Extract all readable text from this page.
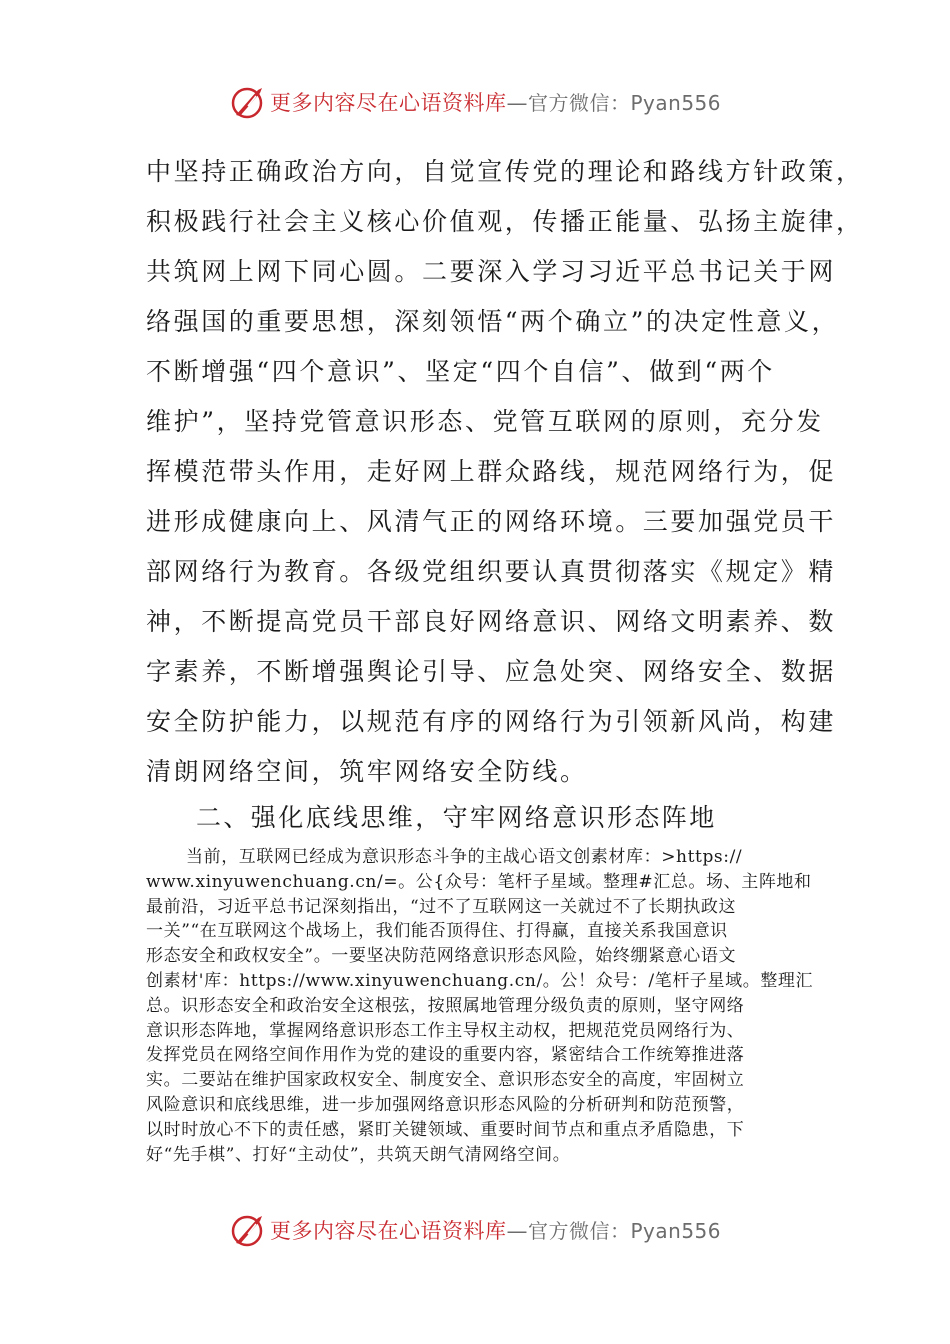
更多内容尽在心语资料库—官方微信：Pyan556
中坚持正确政治方向，自觉宣传党的理论和路线方针政策，
积极践行社会主义核心价值观，传播正能量、弘扬主旋律，
共筑网上网下同心圆。二要深入学习习近平总书记关于网
络强国的重要思想，深刻领悟“两个确立”的决定性意义，
不断增强“四个意识”、坚定“四个自信”、做到“两个
维护”，坚持党管意识形态、党管互联网的原则，充分发
挥模范带头作用，走好网上群众路线，规范网络行为，促
进形成健康向上、风清气正的网络环境。三要加强党员干
部网络行为教育。各级党组织要认真贯彻落实《规定》精
神，不断提高党员干部良好网络意识、网络文明素养、数
字素养，不断增强舆论引导、应急处突、网络安全、数据
安全防护能力，以规范有序的网络行为引领新风尚，构建
清朗网络空间，筑牢网络安全防线。
二、强化底线思维，守牢网络意识形态阵地
当前，互联网已经成为意识形态斗争的主战心语文创素材库：>https://
www.xinyuwenchuang.cn/=。公{众号：笔杆子星域。整理#汇总。场、主阵地和
最前沿，习近平总书记深刻指出，“过不了互联网这一关就过不了长期执政这
一关”“在互联网这个战场上，我们能否顶得住、打得赢，直接关系我国意识
形态安全和政权安全”。一要坚决防范网络意识形态风险，始终绷紧意心语文
创素材'库：https://www.xinyuwenchuang.cn/。公！众号：/笔杆子星域。整理汇
总。识形态安全和政治安全这根弦，按照属地管理分级负责的原则，坚守网络
意识形态阵地，掌握网络意识形态工作主导权主动权，把规范党员网络行为、
发挥党员在网络空间作用作为党的建设的重要内容，紧密结合工作统筹推进落
实。二要站在维护国家政权安全、制度安全、意识形态安全的高度，牢固树立
风险意识和底线思维，进一步加强网络意识形态风险的分析研判和防范预警，
以时时放心不下的责任感，紧盯关键领域、重要时间节点和重点矛盾隐患，下
好“先手棋”、打好“主动仗”，共筑天朗气清网络空间。
更多内容尽在心语资料库—官方微信：Pyan556
